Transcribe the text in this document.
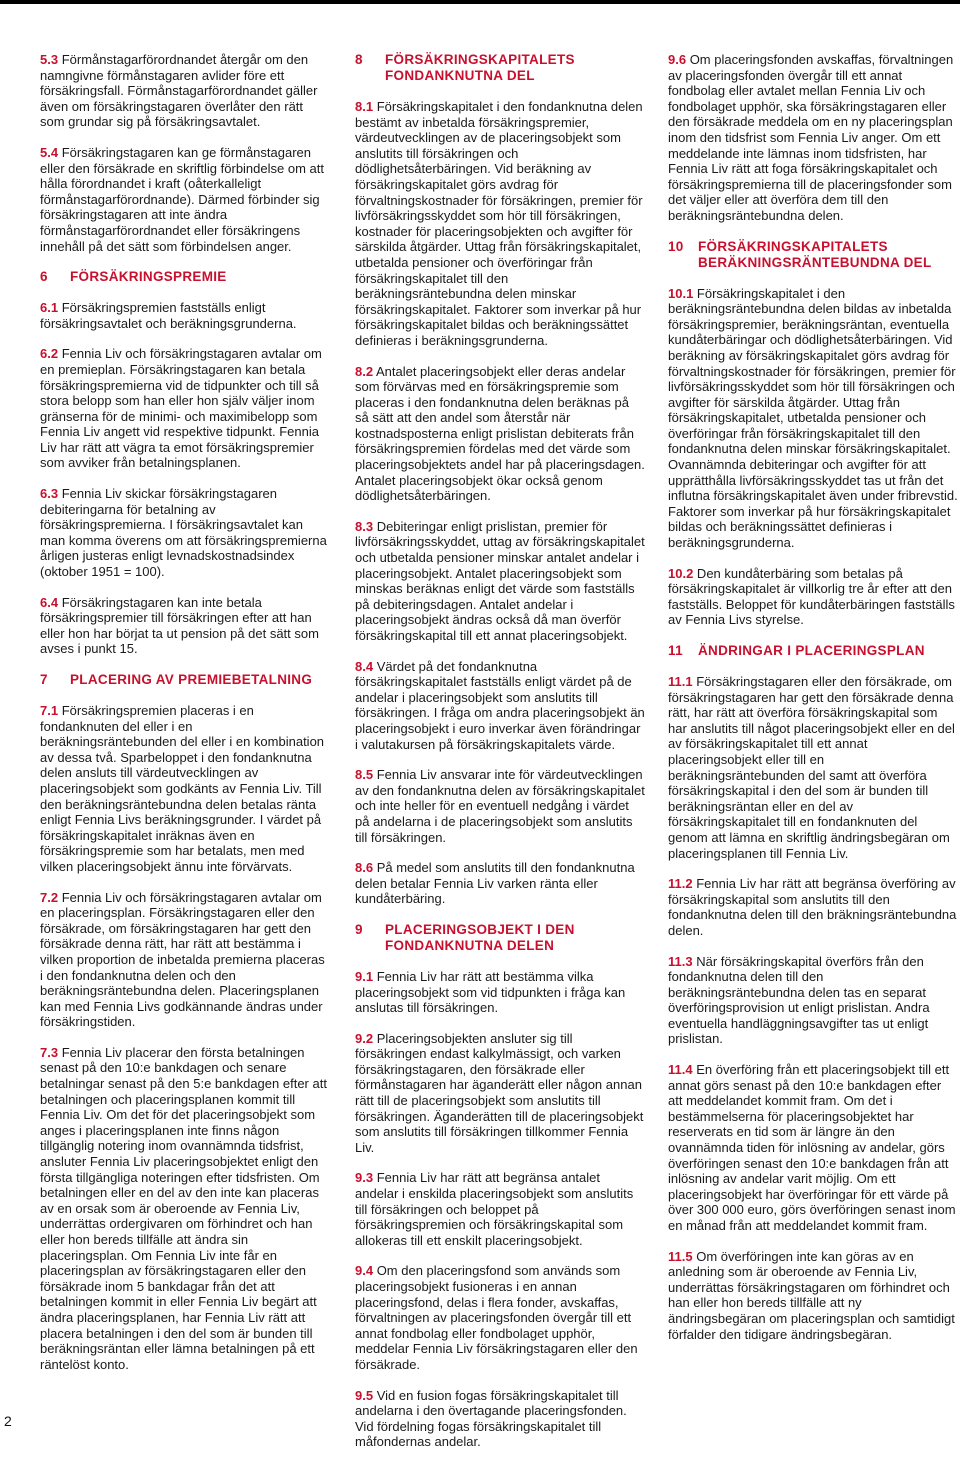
5.3 Förmånstagarförordnandet återgår om den namngivne förmånstagaren avlider före ett försäkringsfall. Förmånstagarförordnandet gäller även om försäkringstagaren överlåter den rätt som grundar sig på försäkringsavtalet.

5.4 Försäkringstagaren kan ge förmånstagaren eller den försäkrade en skriftlig förbindelse om att hålla förordnandet i kraft (oåterkalleligt förmånstagarförordnande). Därmed förbinder sig försäkringstagaren att inte ändra förmånstagarförordnandet eller försäkringens innehåll på det sätt som förbindelsen anger.

6	FÖRSÄKRINGSPREMIE

6.1 Försäkringspremien fastställs enligt försäkringsavtalet och beräkningsgrunderna.

6.2 Fennia Liv och försäkringstagaren avtalar om en premieplan. Försäkringstagaren kan betala försäkringspremierna vid de tidpunkter och till så stora belopp som han eller hon själv väljer inom gränserna för de minimi- och maximibelopp som Fennia Liv angett vid respektive tidpunkt. Fennia Liv har rätt att vägra ta emot försäkringspremier som avviker från betalningsplanen.

6.3 Fennia Liv skickar försäkringstagaren debiteringarna för betalning av försäkringspremierna. I försäkringsavtalet kan man komma överens om att försäkringspremierna årligen justeras enligt levnadskostnadsindex (oktober 1951 = 100).

6.4 Försäkringstagaren kan inte betala försäkringspremier till försäkringen efter att han eller hon har börjat ta ut pension på det sätt som avses i punkt 15.

7	PLACERING AV PREMIEBETALNING

7.1 Försäkringspremien placeras i en fondanknuten del eller i en beräkningsräntebunden del eller i en kombination av dessa två. Sparbeloppet i den fondanknutna delen ansluts till värdeutvecklingen av placeringsobjekt som godkänts av Fennia Liv. Till den beräkningsräntebundna delen betalas ränta enligt Fennia Livs beräkningsgrunder. I värdet på försäkringskapitalet inräknas även en försäkringspremie som har betalats, men med vilken placeringsobjekt ännu inte förvärvats.

7.2 Fennia Liv och försäkringstagaren avtalar om en placeringsplan. Försäkringstagaren eller den försäkrade, om försäkringstagaren har gett den försäkrade denna rätt, har rätt att bestämma i vilken proportion de inbetalda premierna placeras i den fondanknutna delen och den beräkningsräntebundna delen. Placeringsplanen kan med Fennia Livs godkännande ändras under försäkringstiden.

7.3 Fennia Liv placerar den första betalningen senast på den 10:e bankdagen och senare betalningar senast på den 5:e bankdagen efter att betalningen och placeringsplanen kommit till Fennia Liv. Om det för det placeringsobjekt som anges i placeringsplanen inte finns någon tillgänglig notering inom ovannämnda tidsfrist, ansluter Fennia Liv placeringsobjektet enligt den första tillgängliga noteringen efter tidsfristen. Om betalningen eller en del av den inte kan placeras av en orsak som är oberoende av Fennia Liv, underrättas ordergivaren om förhindret och han eller hon bereds tillfälle att ändra sin placeringsplan. Om Fennia Liv inte får en placeringsplan av försäkringstagaren eller den försäkrade inom 5 bankdagar från det att betalningen kommit in eller Fennia Liv begärt att ändra placeringsplanen, har Fennia Liv rätt att placera betalningen i den del som är bunden till beräkningsräntan eller lämna betalningen på ett räntelöst konto.

8	FÖRSÄKRINGSKAPITALETS FONDANKNUTNA DEL

8.1 Försäkringskapitalet i den fondanknutna delen bestämt av inbetalda försäkringspremier, värdeutvecklingen av de placeringsobjekt som anslutits till försäkringen och dödlighetsåterbäringen. Vid beräkning av försäkringskapitalet görs avdrag för förvaltningskostnader för försäkringen, premier för livförsäkringsskyddet som hör till försäkringen, kostnader för placeringsobjekten och avgifter för särskilda åtgärder. Uttag från försäkringskapitalet, utbetalda pensioner och överföringar från försäkringskapitalet till den beräkningsräntebundna delen minskar försäkringskapitalet. Faktorer som inverkar på hur försäkringskapitalet bildas och beräkningssättet definieras i beräkningsgrunderna.

8.2 Antalet placeringsobjekt eller deras andelar som förvärvas med en försäkringspremie som placeras i den fondanknutna delen beräknas på så sätt att den andel som återstår när kostnadsposterna enligt prislistan debiterats från försäkringspremien fördelas med det värde som placeringsobjektets andel har på placeringsdagen. Antalet placeringsobjekt ökar också genom dödlighetsåterbäringen.

8.3 Debiteringar enligt prislistan, premier för livförsäkringsskyddet, uttag av försäkringskapitalet och utbetalda pensioner minskar antalet andelar i placeringsobjekt. Antalet placeringsobjekt som minskas beräknas enligt det värde som fastställs på debiteringsdagen. Antalet andelar i placeringsobjekt ändras också då man överför försäkringskapital till ett annat placeringsobjekt.

8.4 Värdet på det fondanknutna försäkringskapitalet fastställs enligt värdet på de andelar i placeringsobjekt som anslutits till försäkringen. I fråga om andra placeringsobjekt än placeringsobjekt i euro inverkar även förändringar i valutakursen på försäkringskapitalets värde.

8.5 Fennia Liv ansvarar inte för värdeutvecklingen av den fondanknutna delen av försäkringskapitalet och inte heller för en eventuell nedgång i värdet på andelarna i de placeringsobjekt som anslutits till försäkringen.

8.6 På medel som anslutits till den fondanknutna delen betalar Fennia Liv varken ränta eller kundåterbäring.

9	PLACERINGSOBJEKT I DEN FONDANKNUTNA DELEN

9.1 Fennia Liv har rätt att bestämma vilka placeringsobjekt som vid tidpunkten i fråga kan anslutas till försäkringen.

9.2 Placeringsobjekten ansluter sig till försäkringen endast kalkylmässigt, och varken försäkringstagaren, den försäkrade eller förmånstagaren har äganderätt eller någon annan rätt till de placeringsobjekt som anslutits till försäkringen. Äganderätten till de placeringsobjekt som anslutits till försäkringen tillkommer Fennia Liv.

9.3 Fennia Liv har rätt att begränsa antalet andelar i enskilda placeringsobjekt som anslutits till försäkringen och beloppet på försäkringspremien och försäkringskapital som allokeras till ett enskilt placeringsobjekt.

9.4 Om den placeringsfond som används som placeringsobjekt fusioneras i en annan placeringsfond, delas i flera fonder, avskaffas, förvaltningen av placeringsfonden övergår till ett annat fondbolag eller fondbolaget upphör, meddelar Fennia Liv försäkringstagaren eller den försäkrade.

9.5 Vid en fusion fogas försäkringskapitalet till andelarna i den övertagande placeringsfonden. Vid fördelning fogas försäkringskapitalet till måfondernas andelar.

9.6 Om placeringsfonden avskaffas, förvaltningen av placeringsfonden övergår till ett annat fondbolag eller avtalet mellan Fennia Liv och fondbolaget upphör, ska försäkringstagaren eller den försäkrade meddela om en ny placeringsplan inom den tidsfrist som Fennia Liv anger. Om ett meddelande inte lämnas inom tidsfristen, har Fennia Liv rätt att foga försäkringskapitalet och försäkringspremierna till de placeringsfonder som det väljer eller att överföra dem till den beräkningsräntebundna delen.

10	FÖRSÄKRINGSKAPITALETS BERÄKNINGSRÄNTEBUNDNA DEL

10.1 Försäkringskapitalet i den beräkningsräntebundna delen bildas av inbetalda försäkringspremier, beräkningsräntan, eventuella kundåterbäringar och dödlighetsåterbäringen. Vid beräkning av försäkringskapitalet görs avdrag för förvaltningskostnader för försäkringen, premier för livförsäkringsskyddet som hör till försäkringen och avgifter för särskilda åtgärder. Uttag från försäkringskapitalet, utbetalda pensioner och överföringar från försäkringskapitalet till den fondanknutna delen minskar försäkringskapitalet. Ovannämnda debiteringar och avgifter för att upprätthålla livförsäkringsskyddet tas ut från det influtna försäkringskapitalet även under fribrevstid. Faktorer som inverkar på hur försäkringskapitalet bildas och beräkningssättet definieras i beräkningsgrunderna.

10.2 Den kundåterbäring som betalas på försäkringskapitalet är villkorlig tre år efter att den fastställs. Beloppet för kundåterbäringen fastställs av Fennia Livs styrelse.

11	ÄNDRINGAR I PLACERINGSPLAN

11.1 Försäkringstagaren eller den försäkrade, om försäkringstagaren har gett den försäkrade denna rätt, har rätt att överföra försäkringskapital som har anslutits till något placeringsobjekt eller en del av försäkringskapitalet till ett annat placeringsobjekt eller till en beräkningsräntebunden del samt att överföra försäkringskapital i den del som är bunden till beräkningsräntan eller en del av försäkringskapitalet till en fondanknuten del genom att lämna en skriftlig ändringsbegäran om placeringsplanen till Fennia Liv.

11.2 Fennia Liv har rätt att begränsa överföring av försäkringskapital som anslutits till den fondanknutna delen till den bräkningsräntebundna delen.

11.3 När försäkringskapital överförs från den fondanknutna delen till den beräkningsräntebundna delen tas en separat överföringsprovision ut enligt prislistan. Andra eventuella handläggningsavgifter tas ut enligt prislistan.

11.4 En överföring från ett placeringsobjekt till ett annat görs senast på den 10:e bankdagen efter att meddelandet kommit fram. Om det i bestämmelserna för placeringsobjektet har reserverats en tid som är längre än den ovannämnda tiden för inlösning av andelar, görs överföringen senast den 10:e bankdagen från att inlösning av andelar varit möjlig. Om ett placeringsobjekt har överföringar för ett värde på över 300 000 euro, görs överföringen senast inom en månad från att meddelandet kommit fram.

11.5 Om överföringen inte kan göras av en anledning som är oberoende av Fennia Liv, underrättas försäkringstagaren om förhindret och han eller hon bereds tillfälle att ny ändringsbegäran om placeringsplan och samtidigt förfalder den tidigare ändringsbegäran.

2
